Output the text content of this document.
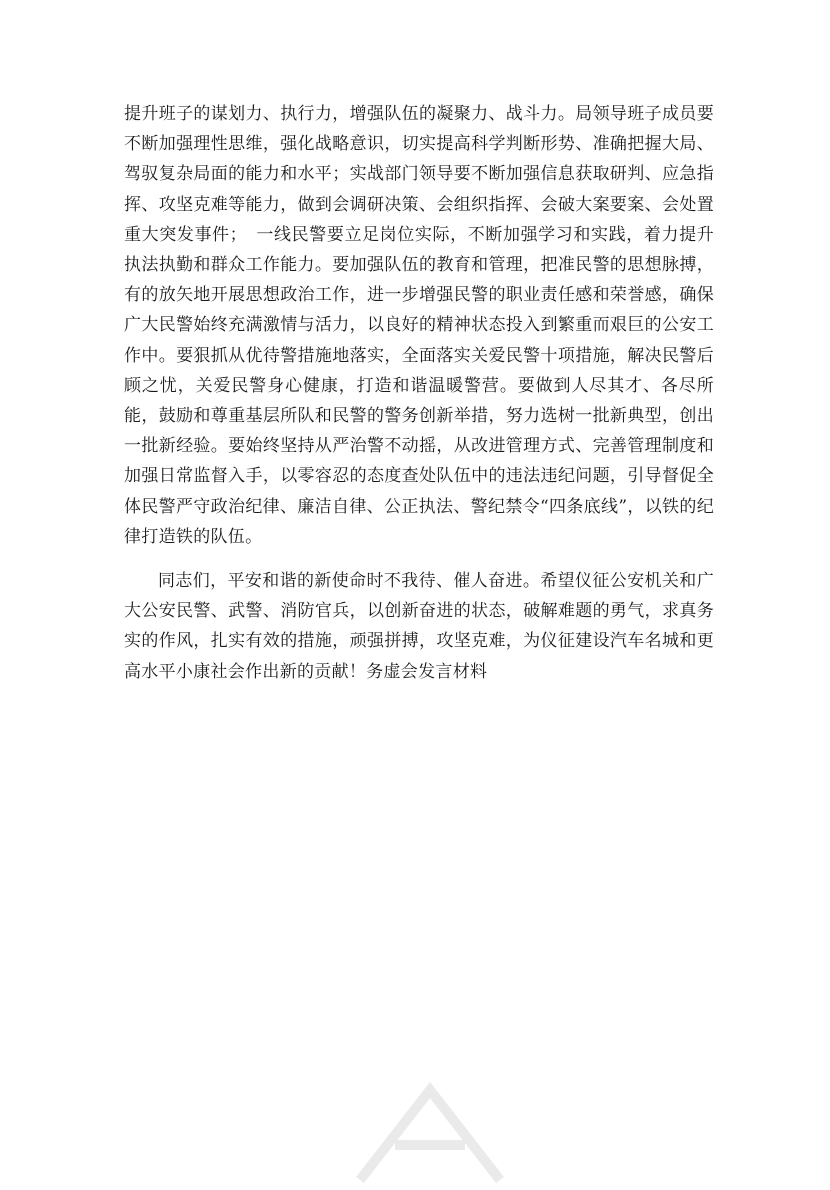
提升班子的谋划力、执行力，增强队伍的凝聚力、战斗力。局领导班子成员要不断加强理性思维，强化战略意识，切实提高科学判断形势、准确把握大局、驾驭复杂局面的能力和水平；实战部门领导要不断加强信息获取研判、应急指挥、攻坚克难等能力，做到会调研决策、会组织指挥、会破大案要案、会处置重大突发事件；　一线民警要立足岗位实际，不断加强学习和实践，着力提升执法执勤和群众工作能力。要加强队伍的教育和管理，把准民警的思想脉搏，有的放矢地开展思想政治工作，进一步增强民警的职业责任感和荣誉感，确保广大民警始终充满激情与活力，以良好的精神状态投入到繁重而艰巨的公安工作中。要狠抓从优待警措施地落实，全面落实关爱民警十项措施，解决民警后顾之忧，关爱民警身心健康，打造和谐温暖警营。要做到人尽其才、各尽所能，鼓励和尊重基层所队和民警的警务创新举措，努力选树一批新典型，创出一批新经验。要始终坚持从严治警不动摇，从改进管理方式、完善管理制度和加强日常监督入手，以零容忍的态度查处队伍中的违法违纪问题，引导督促全体民警严守政治纪律、廉洁自律、公正执法、警纪禁令“四条底线”，以铁的纪律打造铁的队伍。

同志们，平安和谐的新使命时不我待、催人奋进。希望仪征公安机关和广大公安民警、武警、消防官兵，以创新奋进的状态，破解难题的勇气，求真务实的作风，扎实有效的措施，顽强拼搏，攻坚克难，为仪征建设汽车名城和更高水平小康社会作出新的贡献！务虚会发言材料
